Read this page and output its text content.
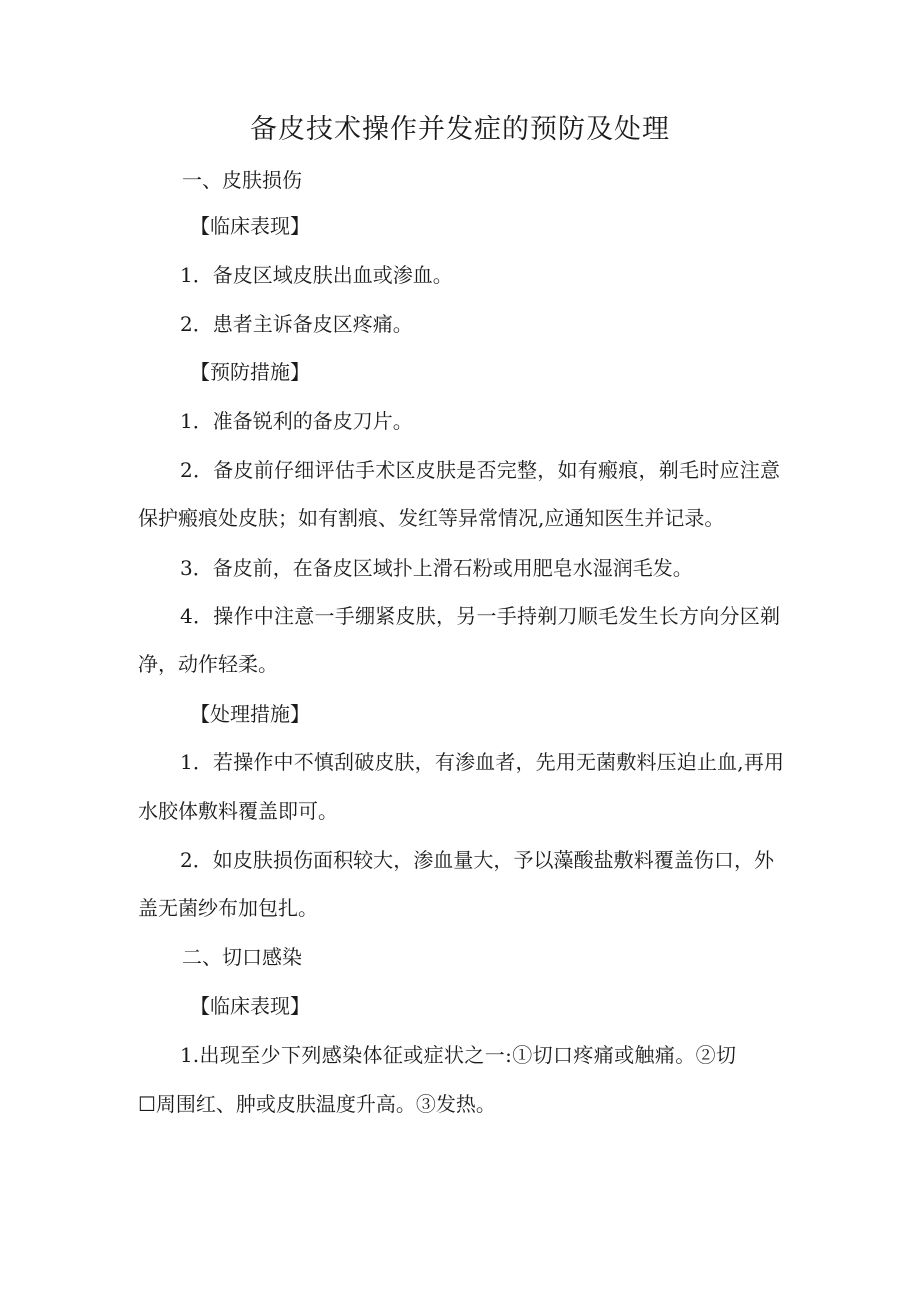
备皮技术操作并发症的预防及处理

一、皮肤损伤

【临床表现】

1．备皮区域皮肤出血或渗血。

2．患者主诉备皮区疼痛。

【预防措施】

1．准备锐利的备皮刀片。

2．备皮前仔细评估手术区皮肤是否完整，如有瘢痕，剃毛时应注意

保护瘢痕处皮肤；如有割痕、发红等异常情况,应通知医生并记录。

3．备皮前，在备皮区域扑上滑石粉或用肥皂水湿润毛发。

4．操作中注意一手绷紧皮肤，另一手持剃刀顺毛发生长方向分区剃

净，动作轻柔。

【处理措施】

1．若操作中不慎刮破皮肤，有渗血者，先用无菌敷料压迫止血,再用

水胶体敷料覆盖即可。

2．如皮肤损伤面积较大，渗血量大，予以藻酸盐敷料覆盖伤口，外

盖无菌纱布加包扎。

二、切口感染

【临床表现】

1.出现至少下列感染体征或症状之一:①切口疼痛或触痛。②切

☐周围红、肿或皮肤温度升高。③发热。
